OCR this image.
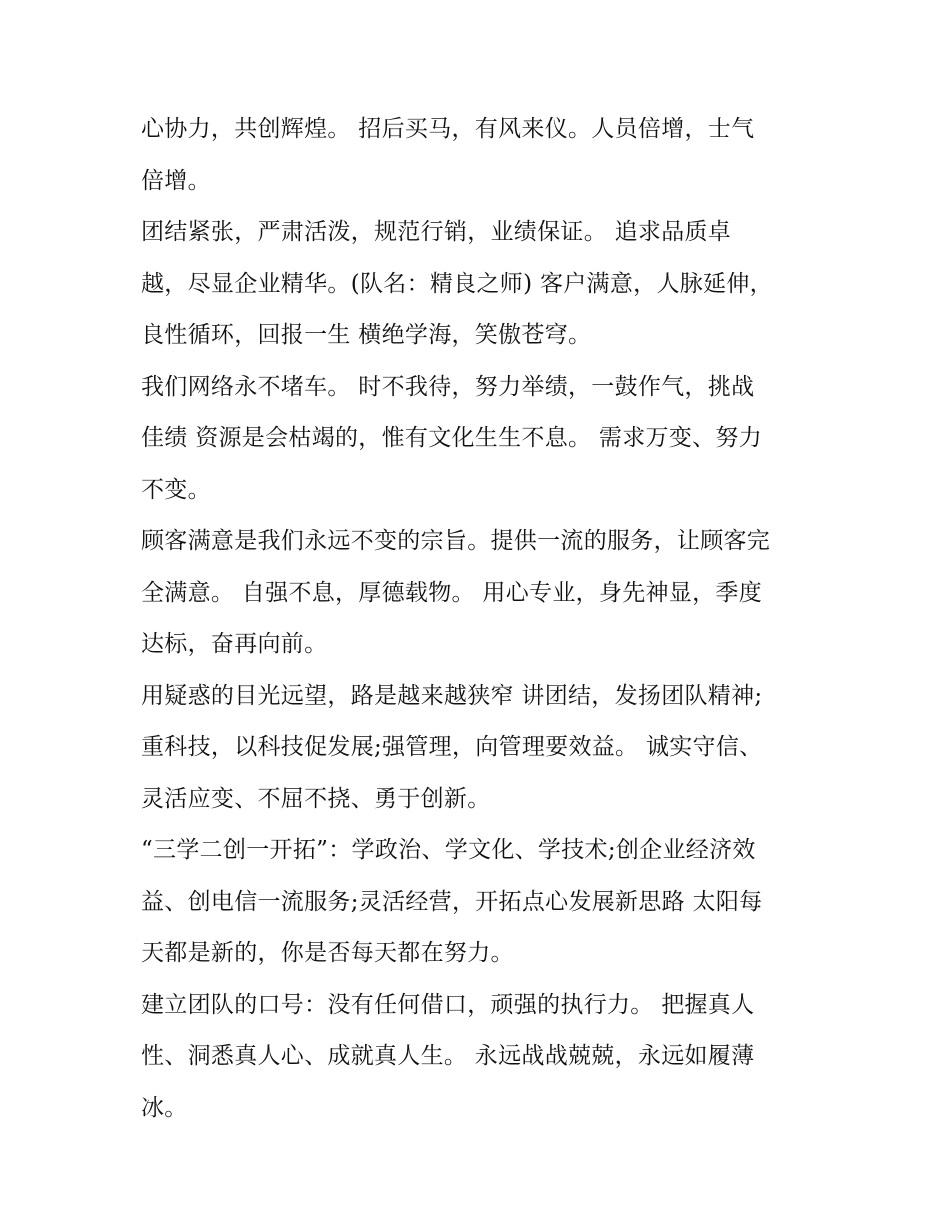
心协力，共创辉煌。 招后买马，有风来仪。人员倍增，士气
倍增。
团结紧张，严肃活泼，规范行销，业绩保证。 追求品质卓
越，尽显企业精华。(队名：精良之师) 客户满意，人脉延伸，
良性循环，回报一生 横绝学海，笑傲苍穹。
我们网络永不堵车。 时不我待，努力举绩，一鼓作气，挑战
佳绩 资源是会枯竭的，惟有文化生生不息。 需求万变、努力
不变。
顾客满意是我们永远不变的宗旨。提供一流的服务，让顾客完
全满意。 自强不息，厚德载物。 用心专业，身先神显，季度
达标，奋再向前。
用疑惑的目光远望，路是越来越狭窄 讲团结，发扬团队精神;
重科技，以科技促发展;强管理，向管理要效益。 诚实守信、
灵活应变、不屈不挠、勇于创新。
“三学二创一开拓”：学政治、学文化、学技术;创企业经济效
益、创电信一流服务;灵活经营，开拓点心发展新思路 太阳每
天都是新的，你是否每天都在努力。
建立团队的口号：没有任何借口，顽强的执行力。 把握真人
性、洞悉真人心、成就真人生。 永远战战兢兢，永远如履薄
冰。
